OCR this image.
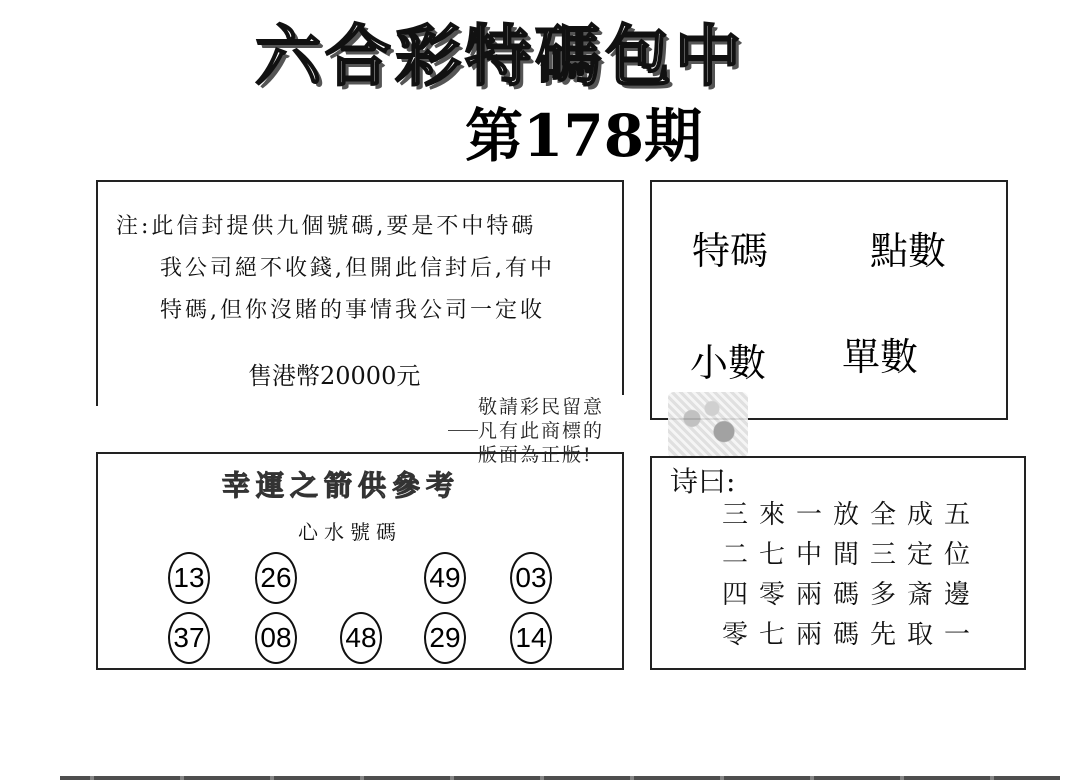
六合彩特碼包中
第178期
注:此信封提供九個號碼,要是不中特碼
我公司絕不收錢,但開此信封后,有中
特碼,但你沒賭的事情我公司一定收
售港幣20000元
特碼	點數
小數 單數
敬請彩民留意
凡有此商標的
版面為正版!
幸運之箭供參考
心水號碼
13 26	49 03
37 08 48 29 14
诗曰:
三來一放全成五
二七中間三定位
四零兩碼多斎邊
零七兩碼先取一
